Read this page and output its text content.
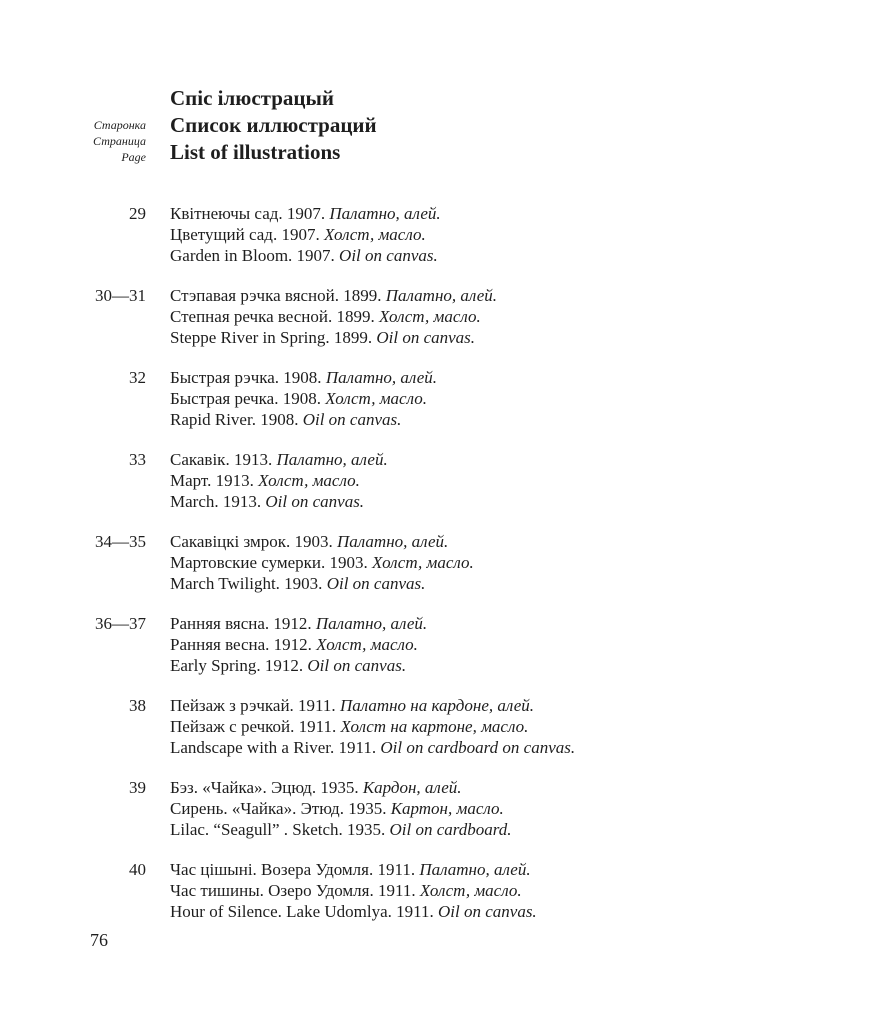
Старонка
Страница
Page
Спіс ілюстрацый
Список иллюстраций
List of illustrations
29 Квітнеючы сад. 1907. Палатно, алей.
Цветущий сад. 1907. Холст, масло.
Garden in Bloom. 1907. Oil on canvas.
30—31 Стэпавая рэчка вясной. 1899. Палатно, алей.
Степная речка весной. 1899. Холст, масло.
Steppe River in Spring. 1899. Oil on canvas.
32 Быстрая рэчка. 1908. Палатно, алей.
Быстрая речка. 1908. Холст, масло.
Rapid River. 1908. Oil on canvas.
33 Сакавік. 1913. Палатно, алей.
Март. 1913. Холст, масло.
March. 1913. Oil on canvas.
34—35 Сакавіцкі змрок. 1903. Палатно, алей.
Мартовские сумерки. 1903. Холст, масло.
March Twilight. 1903. Oil on canvas.
36—37 Ранняя вясна. 1912. Палатно, алей.
Ранняя весна. 1912. Холст, масло.
Early Spring. 1912. Oil on canvas.
38 Пейзаж з рэчкай. 1911. Палатно на кардоне, алей.
Пейзаж с речкой. 1911. Холст на картоне, масло.
Landscape with a River. 1911. Oil on cardboard on canvas.
39 Бэз. «Чайка». Эцюд. 1935. Кардон, алей.
Сирень. «Чайка». Этюд. 1935. Картон, масло.
Lilac. “Seagull” . Sketch. 1935. Oil on cardboard.
40 Час цішыні. Возера Удомля. 1911. Палатно, алей.
Час тишины. Озеро Удомля. 1911. Холст, масло.
Hour of Silence. Lake Udomlya. 1911. Oil on canvas.
76
